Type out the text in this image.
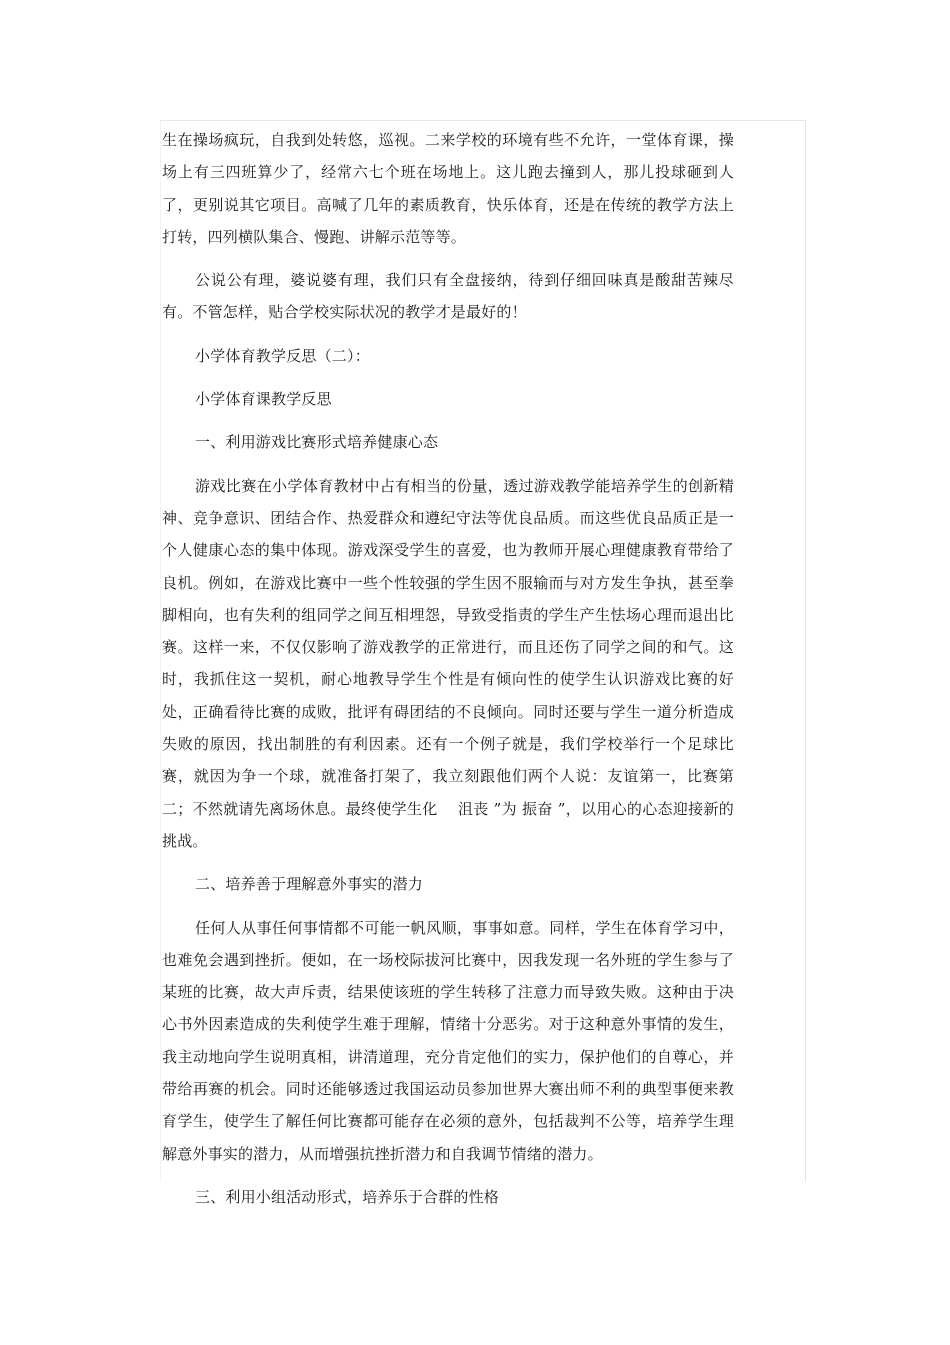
生在操场疯玩，自我到处转悠，巡视。二来学校的环境有些不允许，一堂体育课，操场上有三四班算少了，经常六七个班在场地上。这儿跑去撞到人，那儿投球砸到人了，更别说其它项目。高喊了几年的素质教育，快乐体育，还是在传统的教学方法上打转，四列横队集合、慢跑、讲解示范等等。

公说公有理，婆说婆有理，我们只有全盘接纳，待到仔细回味真是酸甜苦辣尽有。不管怎样，贴合学校实际状况的教学才是最好的！

小学体育教学反思（二）：

小学体育课教学反思

一、利用游戏比赛形式培养健康心态

游戏比赛在小学体育教材中占有相当的份量，透过游戏教学能培养学生的创新精神、竞争意识、团结合作、热爱群众和遵纪守法等优良品质。而这些优良品质正是一个人健康心态的集中体现。游戏深受学生的喜爱，也为教师开展心理健康教育带给了良机。例如，在游戏比赛中一些个性较强的学生因不服输而与对方发生争执，甚至拳脚相向，也有失利的组同学之间互相埋怨，导致受指责的学生产生怯场心理而退出比赛。这样一来，不仅仅影响了游戏教学的正常进行，而且还伤了同学之间的和气。这时，我抓住这一契机，耐心地教导学生个性是有倾向性的使学生认识游戏比赛的好处，正确看待比赛的成败，批评有碍团结的不良倾向。同时还要与学生一道分析造成失败的原因，找出制胜的有利因素。还有一个例子就是，我们学校举行一个足球比赛，就因为争一个球，就准备打架了，我立刻跟他们两个人说：友谊第一，比赛第二；不然就请先离场休息。最终使学生化　 沮丧 ”为 振奋 ”，以用心的心态迎接新的挑战。

二、培养善于理解意外事实的潜力

任何人从事任何事情都不可能一帆风顺，事事如意。同样，学生在体育学习中，也难免会遇到挫折。便如，在一场校际拔河比赛中，因我发现一名外班的学生参与了某班的比赛，故大声斥责，结果使该班的学生转移了注意力而导致失败。这种由于决心书外因素造成的失利使学生难于理解，情绪十分恶劣。对于这种意外事情的发生，我主动地向学生说明真相，讲清道理，充分肯定他们的实力，保护他们的自尊心，并带给再赛的机会。同时还能够透过我国运动员参加世界大赛出师不利的典型事便来教育学生，使学生了解任何比赛都可能存在必须的意外，包括裁判不公等，培养学生理解意外事实的潜力，从而增强抗挫折潜力和自我调节情绪的潜力。

三、利用小组活动形式，培养乐于合群的性格
